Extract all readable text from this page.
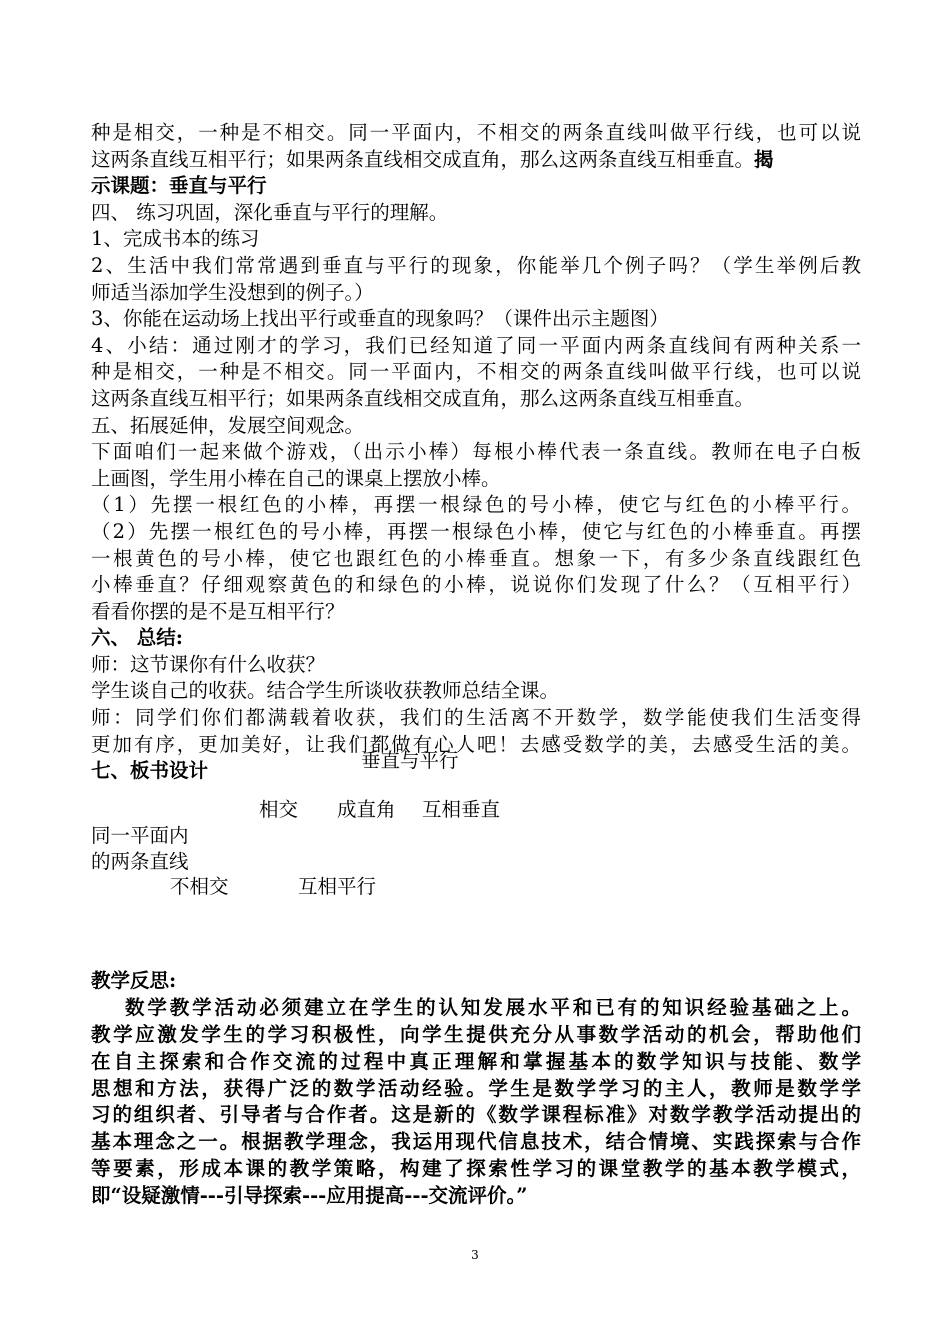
种是相交，一种是不相交。同一平面内，不相交的两条直线叫做平行线，也可以说
这两条直线互相平行；如果两条直线相交成直角，那么这两条直线互相垂直。揭
示课题：垂直与平行
四、 练习巩固，深化垂直与平行的理解。
1、完成书本的练习
2、生活中我们常常遇到垂直与平行的现象，你能举几个例子吗？（学生举例后教
师适当添加学生没想到的例子。）
3、你能在运动场上找出平行或垂直的现象吗？（课件出示主题图）
4、小结：通过刚才的学习，我们已经知道了同一平面内两条直线间有两种关系一
种是相交，一种是不相交。同一平面内，不相交的两条直线叫做平行线，也可以说
这两条直线互相平行；如果两条直线相交成直角，那么这两条直线互相垂直。
五、拓展延伸，发展空间观念。
下面咱们一起来做个游戏，（出示小棒）每根小棒代表一条直线。教师在电子白板
上画图，学生用小棒在自己的课桌上摆放小棒。
（1）先摆一根红色的小棒，再摆一根绿色的号小棒，使它与红色的小棒平行。
（2）先摆一根红色的号小棒，再摆一根绿色小棒，使它与红色的小棒垂直。再摆
一根黄色的号小棒，使它也跟红色的小棒垂直。想象一下，有多少条直线跟红色
小棒垂直？仔细观察黄色的和绿色的小棒，说说你们发现了什么？（互相平行）
看看你摆的是不是互相平行？
六、 总结:
师：这节课你有什么收获？
学生谈自己的收获。结合学生所谈收获教师总结全课。
师：同学们你们都满载着收获，我们的生活离不开数学，数学能使我们生活变得
更加有序，更加美好，让我们都做有心人吧！去感受数学的美，去感受生活的美。
七、板书设计	垂直与平行
相交 成直角 互相垂直
同一平面内
的两条直线
不相交	互相平行
教学反思:
数学教学活动必须建立在学生的认知发展水平和已有的知识经验基础之上。
教学应激发学生的学习积极性，向学生提供充分从事数学活动的机会，帮助他们
在自主探索和合作交流的过程中真正理解和掌握基本的数学知识与技能、数学
思想和方法，获得广泛的数学活动经验。学生是数学学习的主人，教师是数学学
习的组织者、引导者与合作者。这是新的《数学课程标准》对数学教学活动提出的
基本理念之一。根据教学理念，我运用现代信息技术，结合情境、实践探索与合作
等要素，形成本课的教学策略，构建了探索性学习的课堂教学的基本教学模式，
即“设疑激情---引导探索---应用提高---交流评价。”
3
